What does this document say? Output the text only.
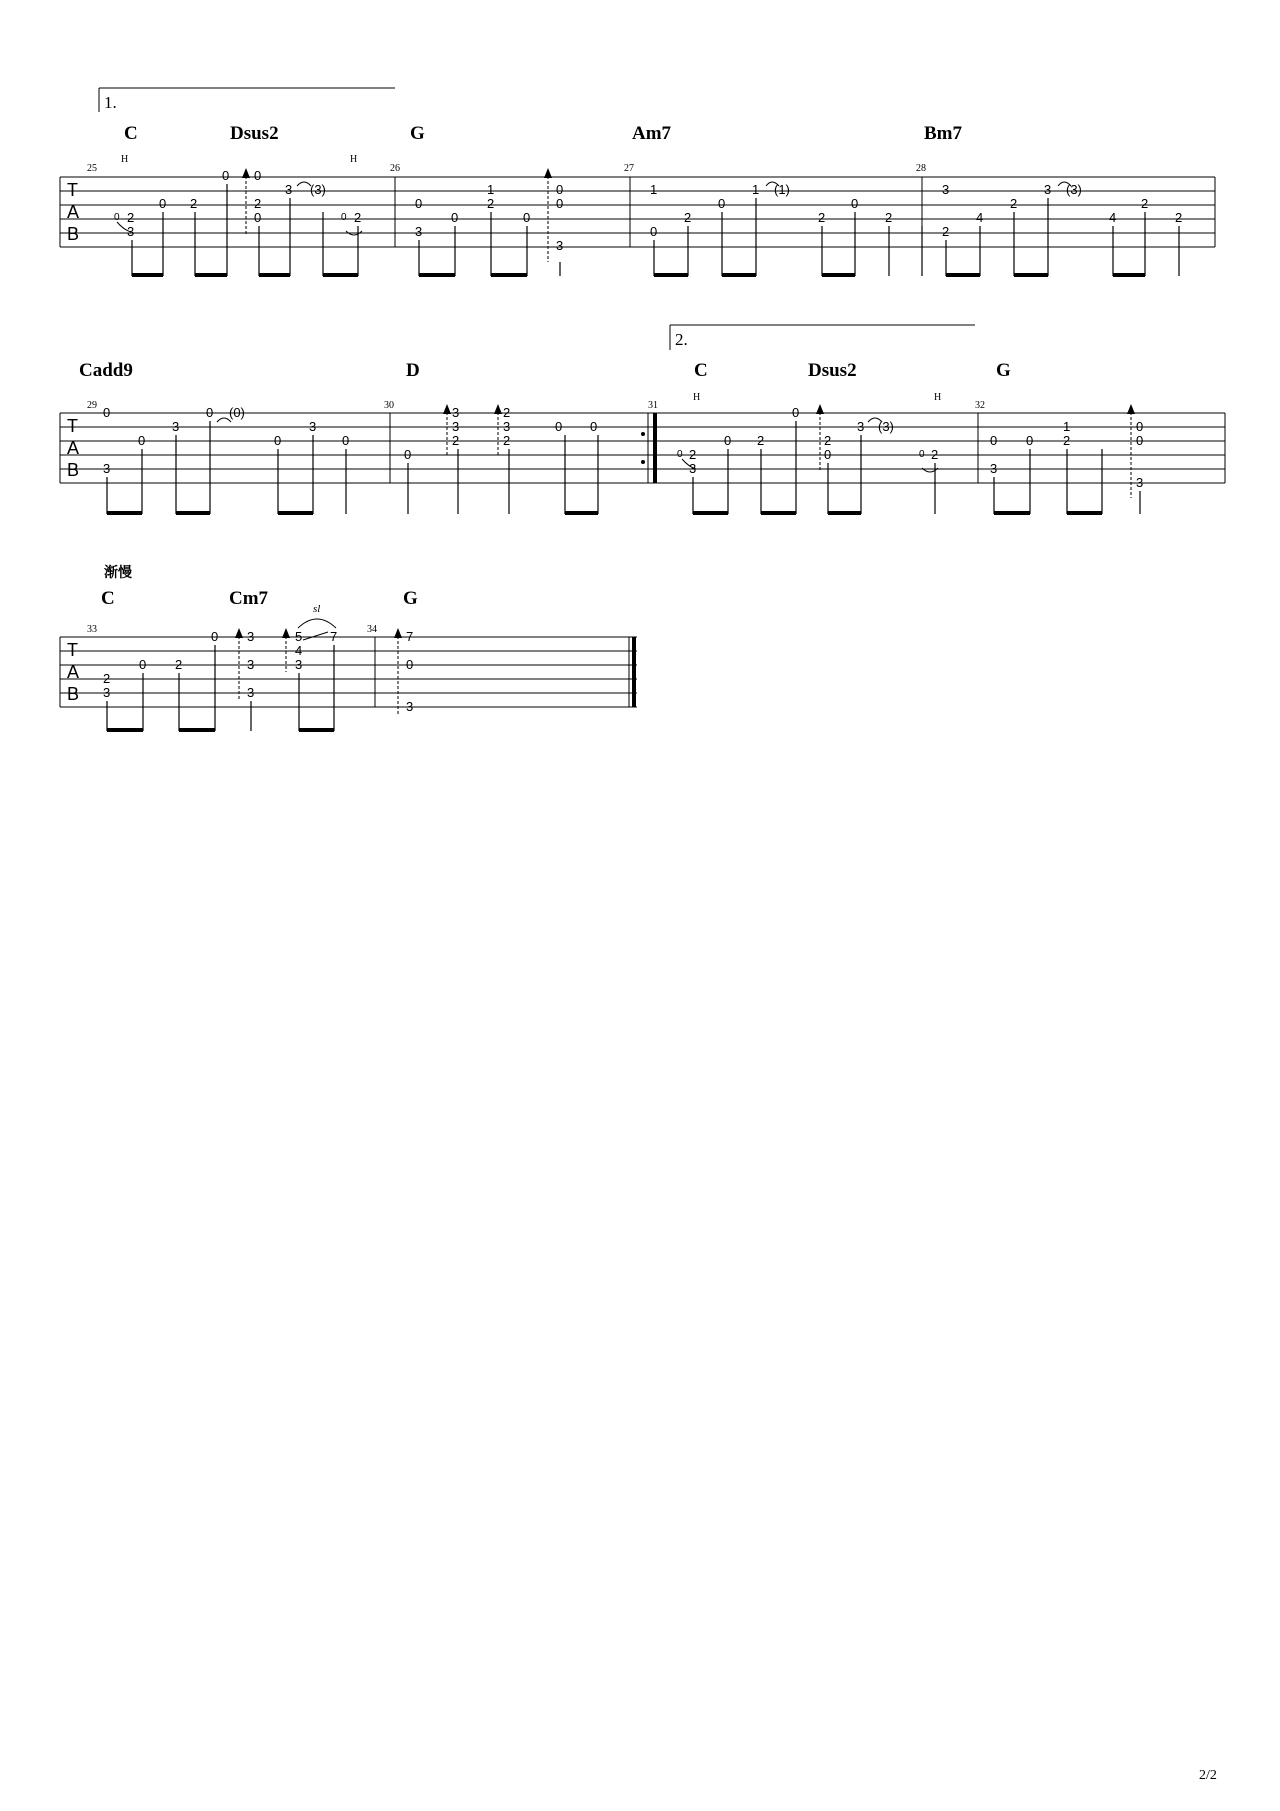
1.
C	Dsus2	G	Am7	Bm7
H	H
25	26	27	28
T
A
B
0 2
3
0 2
0 0
2
0
3 (3)
0 2
3
0
1
2
0	0
0
0
3
1
0
2
1 (1)
0
2	2
0
2
3
2
4
2
3 (3)
4	2
2.
Cadd9	D	C	Dsus2	G
H	H
29	30	31	32
T
A
B
0
3
0
3
0 (0)
0
3
0
3
3
2
0
2
3
2
0 0
0 2
3
0 2
0
2
0
3 (3)
0 2
0
3
0
1
2
0
0
3
渐慢
C	Cm7	G
33	34
T
A
B
2
3
0 2
0 3
3
3
5
4
3
7	7
0
3
sl
2/2
